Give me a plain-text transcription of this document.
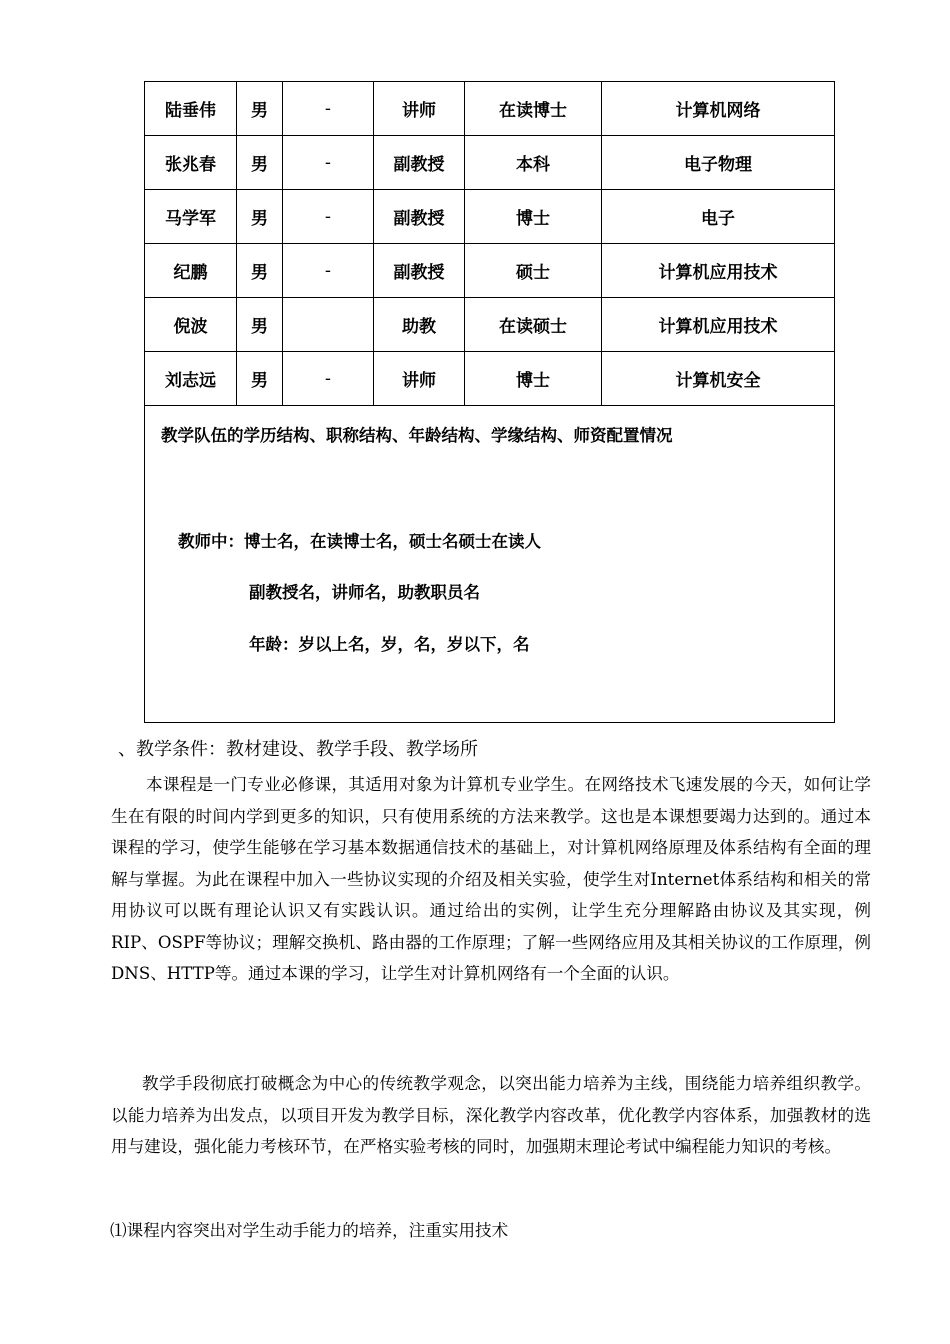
陆垂伟	男	-	讲师	在读博士	计算机网络
张兆春	男	-	副教授	本科	电子物理
马学军	男	-	副教授	博士	电子
纪鹏	男	-	副教授	硕士	计算机应用技术
倪波	男		助教	在读硕士	计算机应用技术
刘志远	男	-	讲师	博士	计算机安全

教学队伍的学历结构、职称结构、年龄结构、学缘结构、师资配置情况
教师中：博士名，在读博士名，硕士名硕士在读人
副教授名，讲师名，助教职员名
年龄：岁以上名，岁，名，岁以下，名					
、教学条件：教材建设、教学手段、教学场所

本课程是一门专业必修课，其适用对象为计算机专业学生。在网络技术飞速发展的今天，如何让学生在有限的时间内学到更多的知识，只有使用系统的方法来教学。这也是本课想要竭力达到的。通过本课程的学习，使学生能够在学习基本数据通信技术的基础上，对计算机网络原理及体系结构有全面的理解与掌握。为此在课程中加入一些协议实现的介绍及相关实验，使学生对Internet体系结构和相关的常用协议可以既有理论认识又有实践认识。通过给出的实例，让学生充分理解路由协议及其实现，例RIP、OSPF等协议；理解交换机、路由器的工作原理；了解一些网络应用及其相关协议的工作原理，例DNS、HTTP等。通过本课的学习，让学生对计算机网络有一个全面的认识。

教学手段彻底打破概念为中心的传统教学观念，以突出能力培养为主线，围绕能力培养组织教学。以能力培养为出发点，以项目开发为教学目标，深化教学内容改革，优化教学内容体系，加强教材的选用与建设，强化能力考核环节，在严格实验考核的同时，加强期末理论考试中编程能力知识的考核。

⑴课程内容突出对学生动手能力的培养，注重实用技术
